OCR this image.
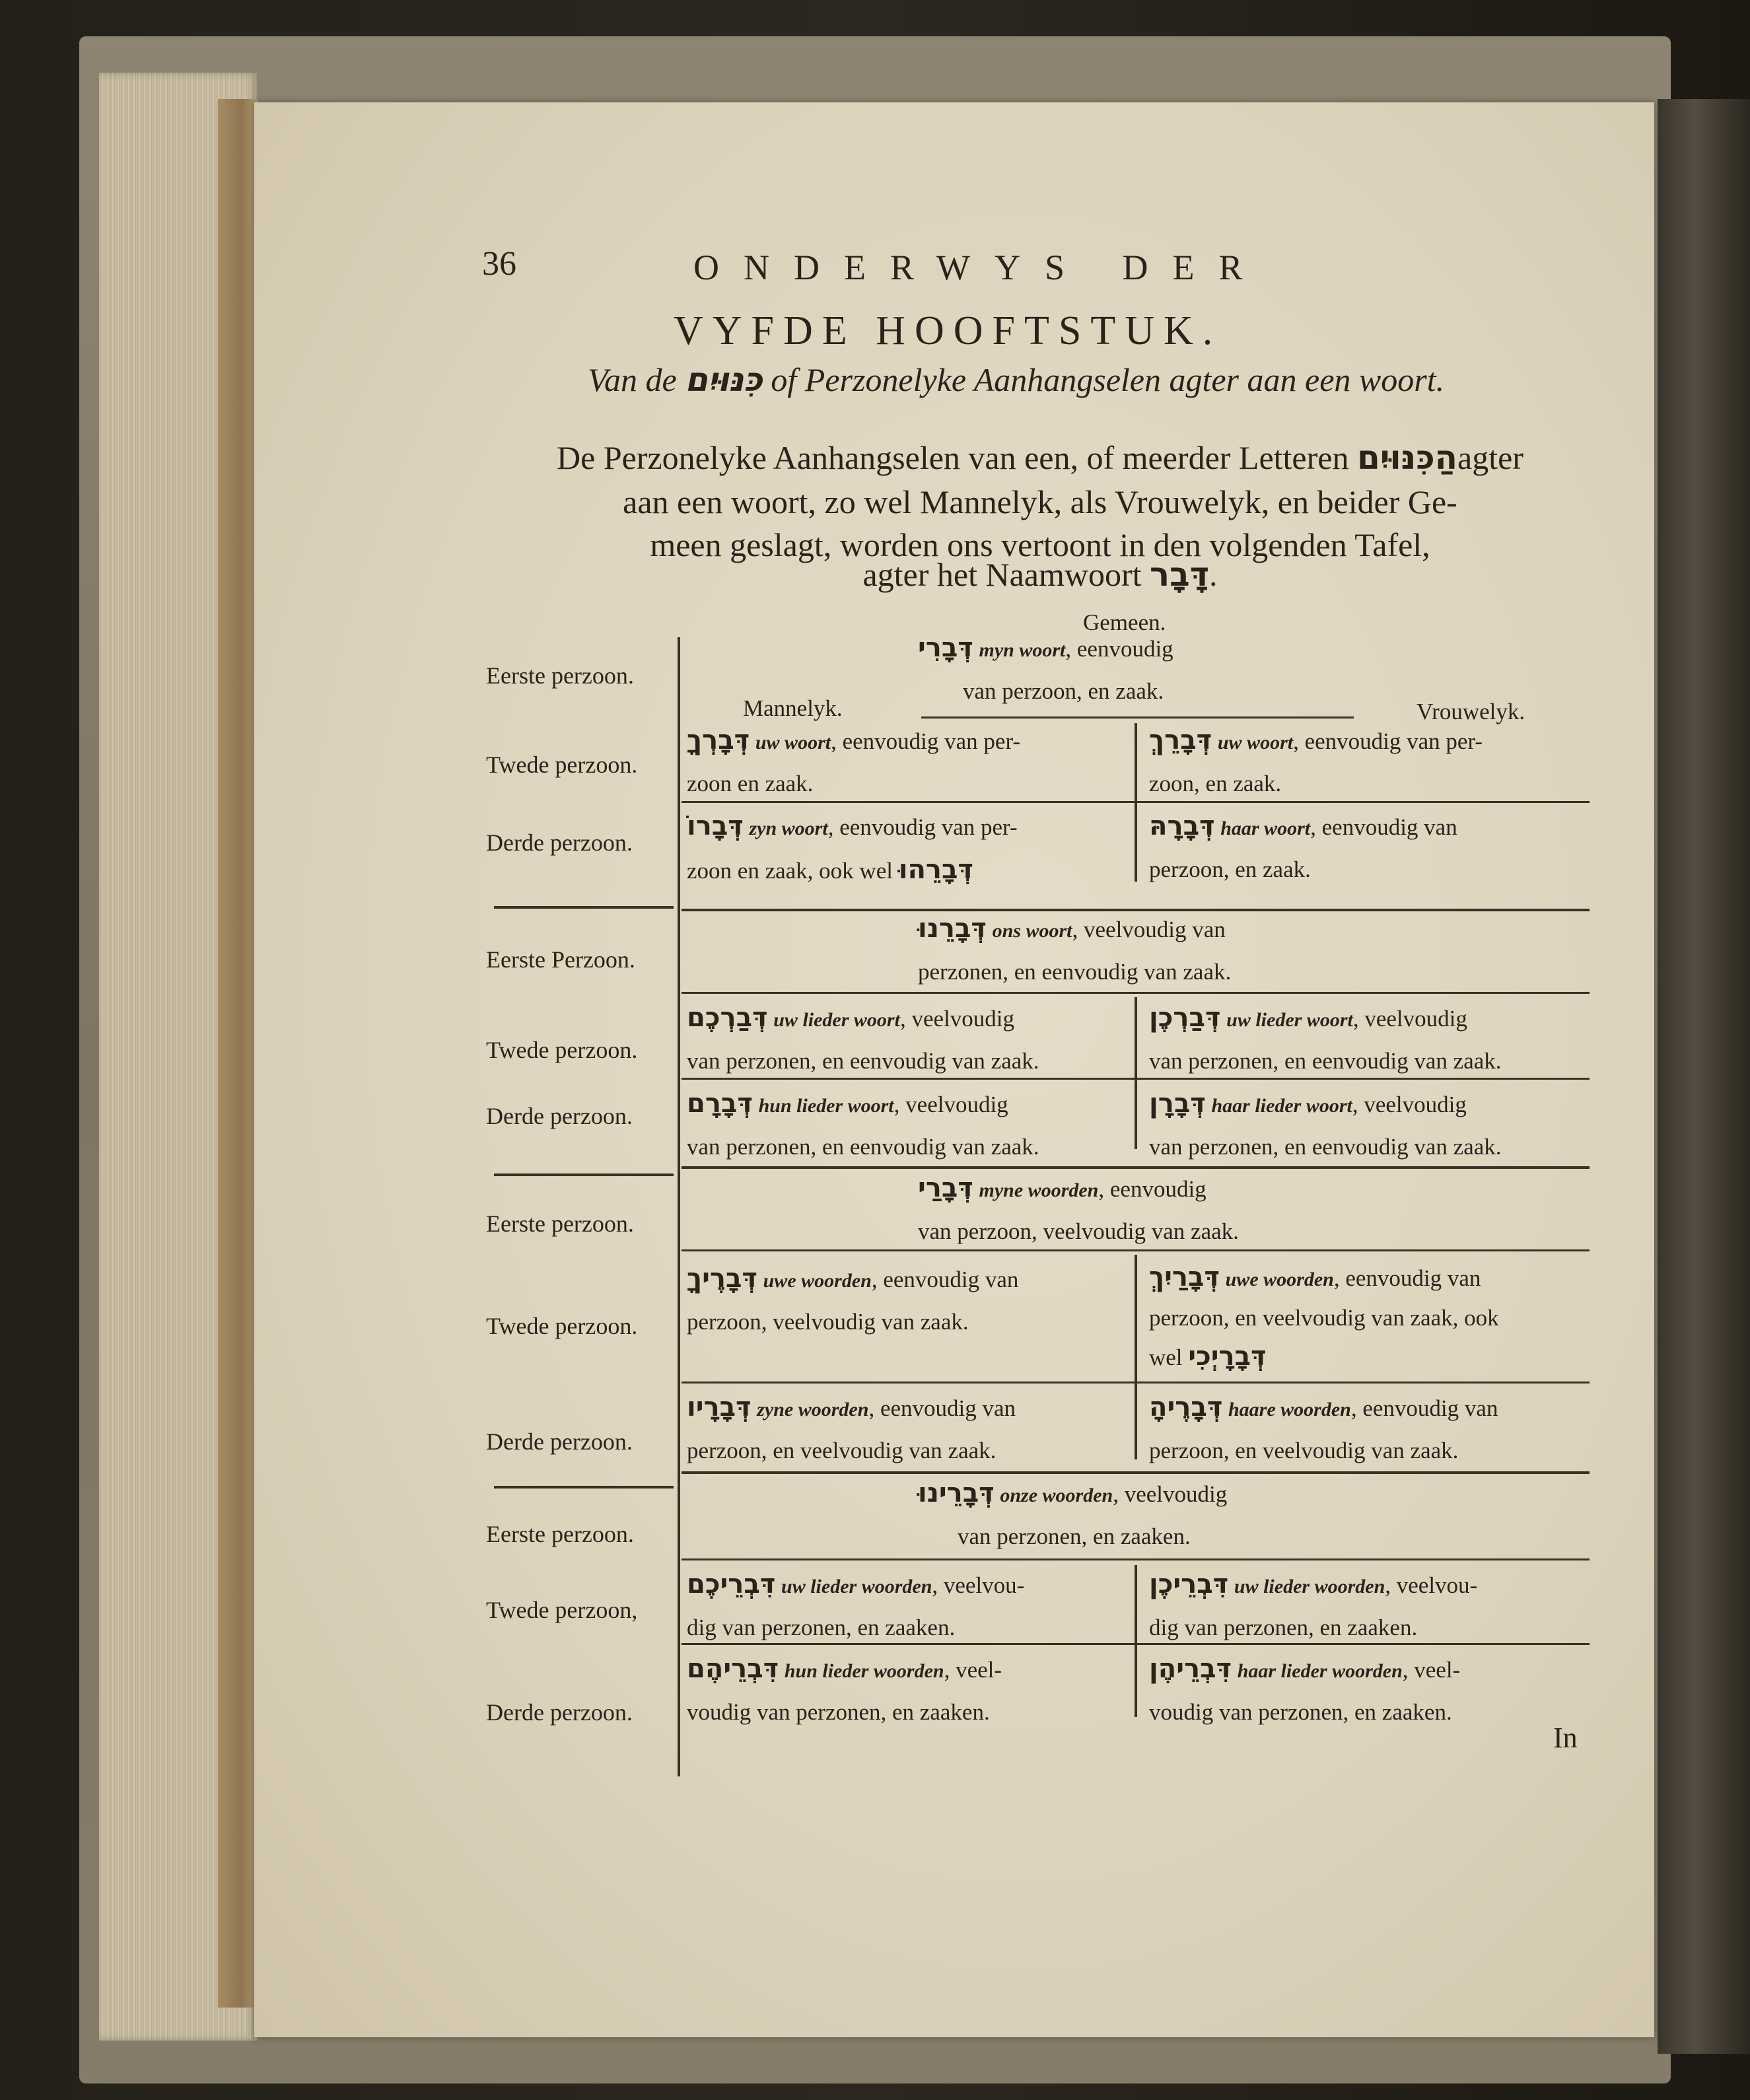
36	ONDERWYS DER
VYFDE HOOFTSTUK.
Van de כִּנּוּיִם of Perzonelyke Aanhangselen agter aan een woort.
De Perzonelyke Aanhangselen van een, of meerder Letteren הַכִּנּוּיִםagter
aan een woort, zo wel Mannelyk, als Vrouwelyk, en beider Ge-
meen geslagt, worden ons vertoont in den volgenden Tafel,
agter het Naamwoort דָּבָר.
Gemeen.
Mannelyk.	Vrouwelyk.
Eerste perzoon.
Twede perzoon.
Derde perzoon.
Eerste Perzoon.
Twede perzoon.
Derde perzoon.
Eerste perzoon.
Twede perzoon.
Derde perzoon.
Eerste perzoon.
Twede perzoon,
Derde perzoon.
דְּבָרִי myn woort, eenvoudig
van perzoon, en zaak.
דְּבָרְךָ uw woort, eenvoudig van per-
zoon en zaak.
דְּבָרֵךְ uw woort, eenvoudig van per-
zoon, en zaak.
דְּבָרוֹ zyn woort, eenvoudig van per-
zoon en zaak, ook wel דְּבָרֵהוּ
דְּבָרָהּ haar woort, eenvoudig van
perzoon, en zaak.
דְּבָרֵנוּ ons woort, veelvoudig van
perzonen, en eenvoudig van zaak.
דְּבַרְכֶם uw lieder woort, veelvoudig
van perzonen, en eenvoudig van zaak.
דְּבַרְכֶן uw lieder woort, veelvoudig
van perzonen, en eenvoudig van zaak.
דְּבָרָם hun lieder woort, veelvoudig
van perzonen, en eenvoudig van zaak.
דְּבָרָן haar lieder woort, veelvoudig
van perzonen, en eenvoudig van zaak.
דְּבָרַי myne woorden, eenvoudig
van perzoon, veelvoudig van zaak.
דְּבָרֶיךָ uwe woorden, eenvoudig van
perzoon, veelvoudig van zaak.
דְּבָרַיִךְ uwe woorden, eenvoudig van
perzoon, en veelvoudig van zaak, ook
wel דְּבָרָיְכִי
דְּבָרָיו zyne woorden, eenvoudig van
perzoon, en veelvoudig van zaak.
דְּבָרֶיהָ haare woorden, eenvoudig van
perzoon, en veelvoudig van zaak.
דְּבָרֵינוּ onze woorden, veelvoudig
van perzonen, en zaaken.
דִּבְרֵיכֶם uw lieder woorden, veelvou-
dig van perzonen, en zaaken.
דִּבְרֵיכֶן uw lieder woorden, veelvou-
dig van perzonen, en zaaken.
דִּבְרֵיהֶם hun lieder woorden, veel-
voudig van perzonen, en zaaken.
דִּבְרֵיהֶן haar lieder woorden, veel-
voudig van perzonen, en zaaken.
In
